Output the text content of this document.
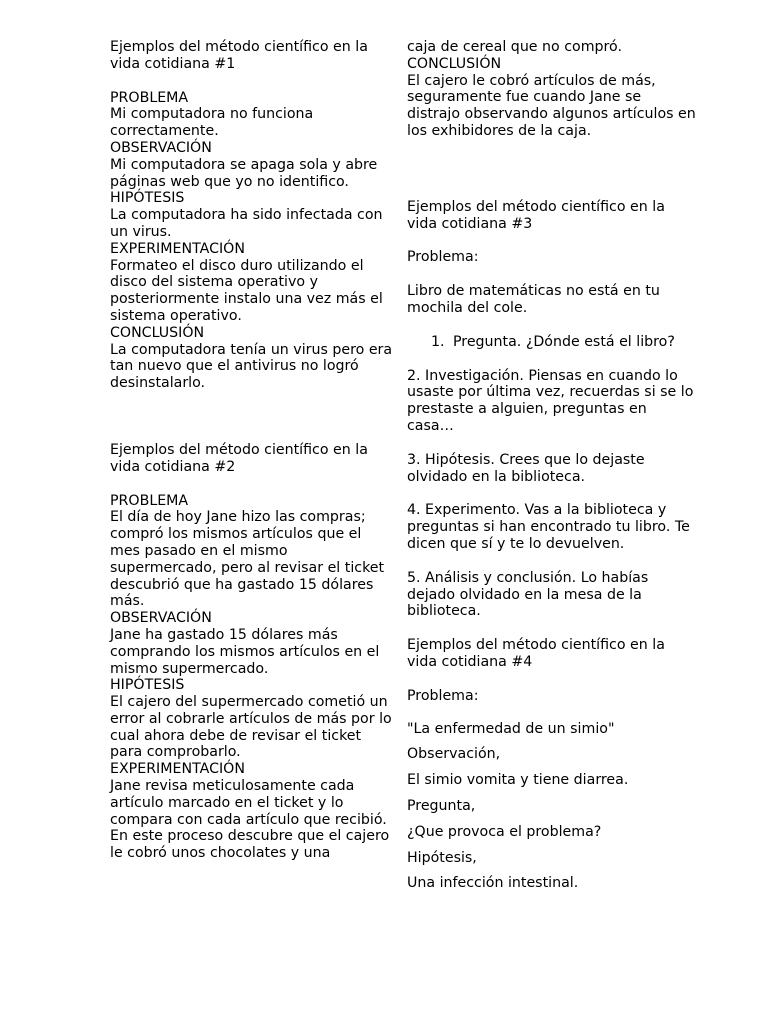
Ejemplos del método científico en la vida cotidiana #1

PROBLEMA

Mi computadora no funciona correctamente.

OBSERVACIÓN

Mi computadora se apaga sola y abre páginas web que yo no identifico.

HIPÓTESIS

La computadora ha sido infectada con un virus.

EXPERIMENTACIÓN

Formateo el disco duro utilizando el disco del sistema operativo y posteriormente instalo una vez más el sistema operativo.

CONCLUSIÓN

La computadora tenía un virus pero era tan nuevo que el antivirus no logró desinstalarlo.

Ejemplos del método científico en la vida cotidiana #2

PROBLEMA

El día de hoy Jane hizo las compras; compró los mismos artículos que el mes pasado en el mismo supermercado, pero al revisar el ticket descubrió que ha gastado 15 dólares más.

OBSERVACIÓN

Jane ha gastado 15 dólares más comprando los mismos artículos en el mismo supermercado.

HIPÓTESIS

El cajero del supermercado cometió un error al cobrarle artículos de más por lo cual ahora debe de revisar el ticket para comprobarlo.

EXPERIMENTACIÓN

Jane revisa meticulosamente cada artículo marcado en el ticket y lo compara con cada artículo que recibió. En este proceso descubre que el cajero le cobró unos chocolates y una

caja de cereal que no compró.

CONCLUSIÓN

El cajero le cobró artículos de más, seguramente fue cuando Jane se distrajo observando algunos artículos en los exhibidores de la caja.

Ejemplos del método científico en la vida cotidiana #3

Problema:

Libro de matemáticas no está en tu mochila del cole.

1. Pregunta. ¿Dónde está el libro?

2. Investigación. Piensas en cuando lo usaste por última vez, recuerdas si se lo prestaste a alguien, preguntas en casa…

3. Hipótesis. Crees que lo dejaste olvidado en la biblioteca.

4. Experimento. Vas a la biblioteca y preguntas si han encontrado tu libro. Te dicen que sí y te lo devuelven.

5. Análisis y conclusión. Lo habías dejado olvidado en la mesa de la biblioteca.

Ejemplos del método científico en la vida cotidiana #4

Problema:

"La enfermedad de un simio"

Observación,

El simio vomita y tiene diarrea.

Pregunta,

¿Que provoca el problema?

Hipótesis,

Una infección intestinal.
